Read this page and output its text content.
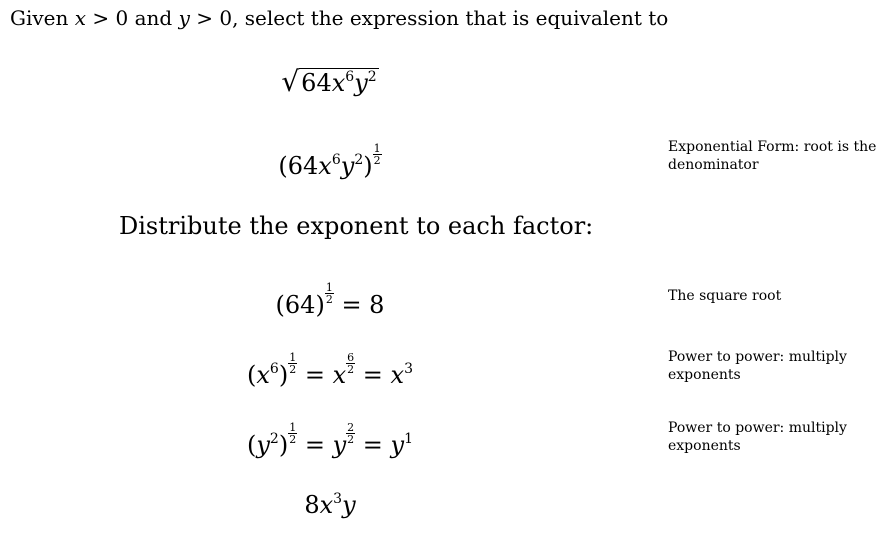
Given x > 0 and y > 0, select the expression that is equivalent to
$√64x^6y^2$
$(64x^6y^2) \frac{1}{2}$
Distribute the exponent to each factor:
$(64) \frac{1}{2} = 8$
$(x^6) \frac{1}{2} = x \frac{6}{2} = x^3$
$(y^2) \frac{1}{2} = y \frac{2}{2} = y^1$
$8x^3y$
Exponential Form: root is the denominator
The square root
Power to power: multiply exponents
Power to power: multiply exponents
